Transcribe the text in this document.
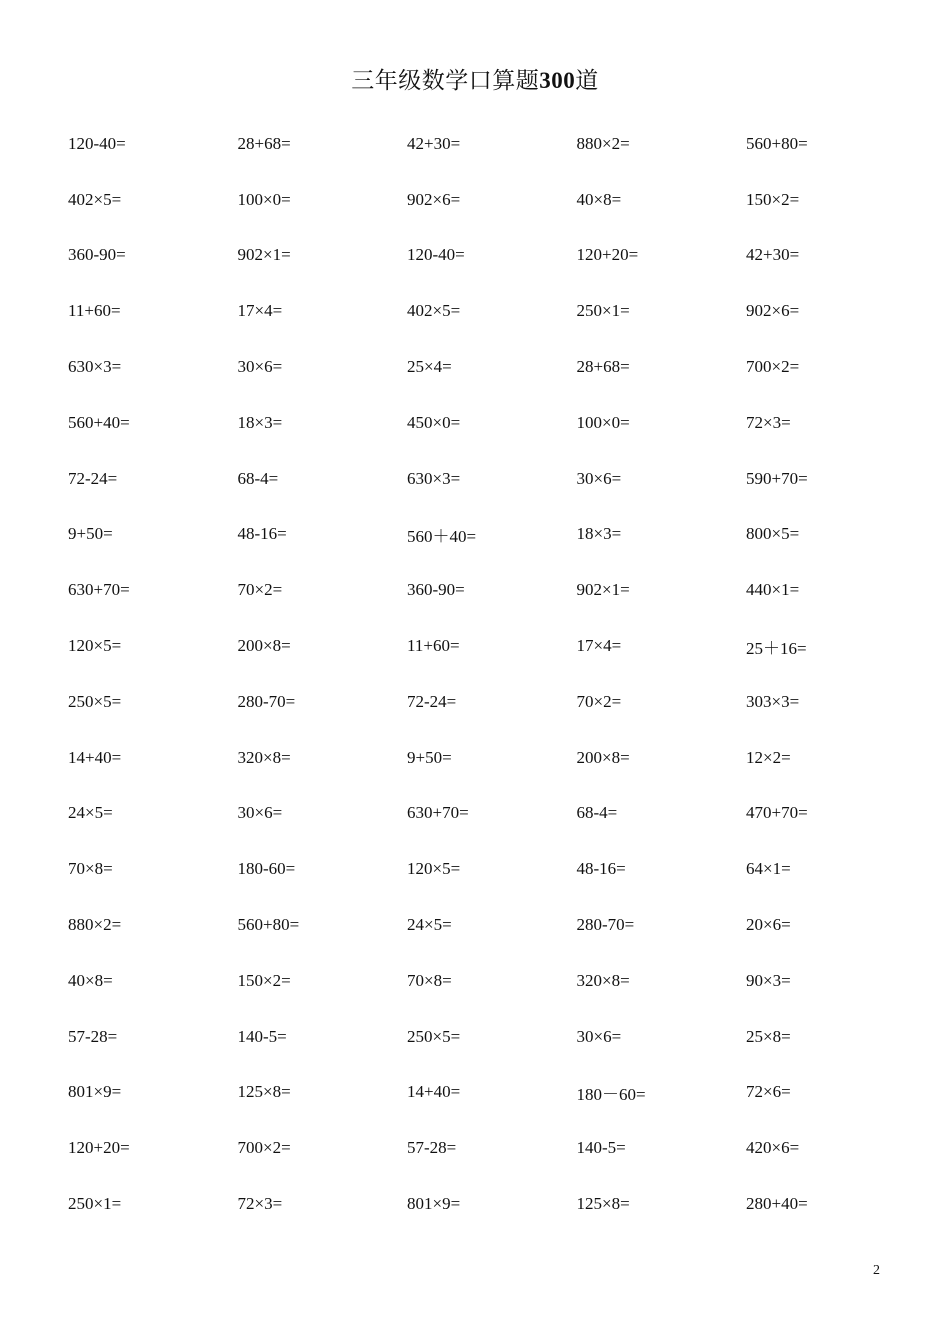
三年级数学口算题300道
120-40=	28+68=	42+30=	880×2=	560+80=
402×5=	100×0=	902×6=	40×8=	150×2=
360-90=	902×1=	120-40=	120+20=	42+30=
11+60=	17×4=	402×5=	250×1=	902×6=
630×3=	30×6=	25×4=	28+68=	700×2=
560+40=	18×3=	450×0=	100×0=	72×3=
72-24=	68-4=	630×3=	30×6=	590+70=
9+50=	48-16=	560＋40=	18×3=	800×5=
630+70=	70×2=	360-90=	902×1=	440×1=
120×5=	200×8=	11+60=	17×4=	25＋16=
250×5=	280-70=	72-24=	70×2=	303×3=
14+40=	320×8=	9+50=	200×8=	12×2=
24×5=	30×6=	630+70=	68-4=	470+70=
70×8=	180-60=	120×5=	48-16=	64×1=
880×2=	560+80=	24×5=	280-70=	20×6=
40×8=	150×2=	70×8=	320×8=	90×3=
57-28=	140-5=	250×5=	30×6=	25×8=
801×9=	125×8=	14+40=	180－60=	72×6=
120+20=	700×2=	57-28=	140-5=	420×6=
250×1=	72×3=	801×9=	125×8=	280+40=
2
